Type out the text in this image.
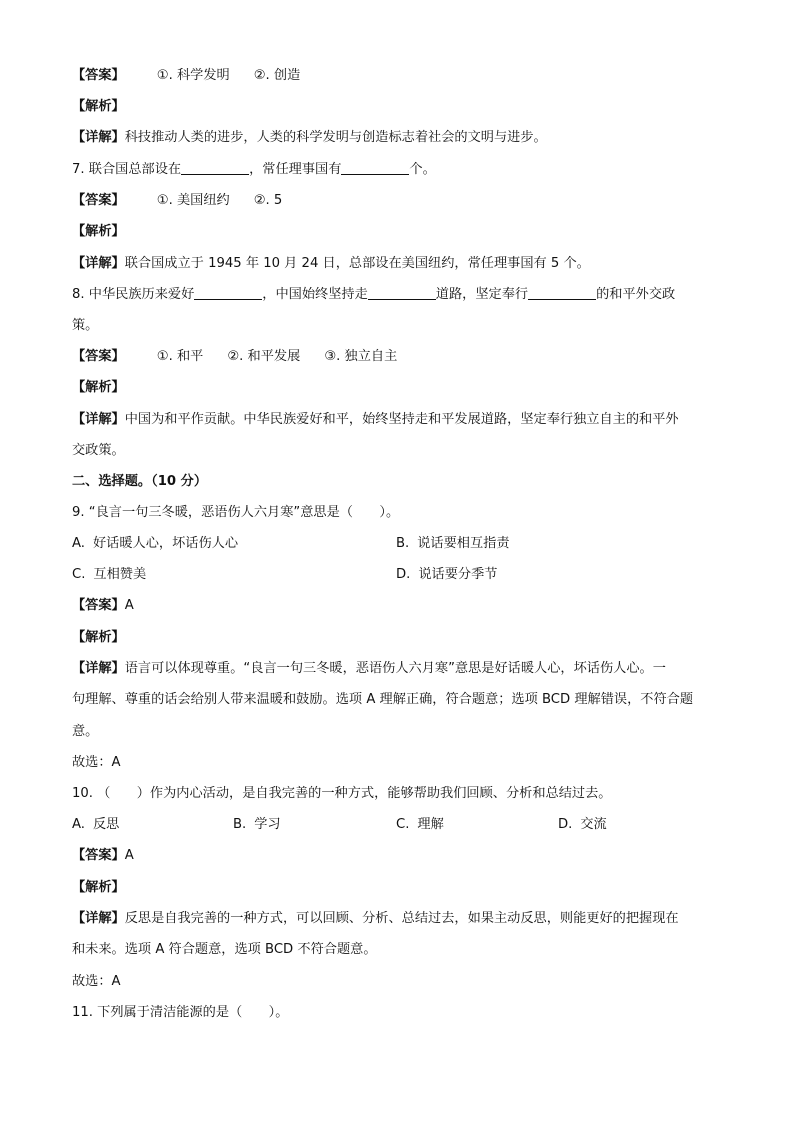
【答案】 ①. 科学发明 ②. 创造
【解析】
【详解】科技推动人类的进步，人类的科学发明与创造标志着社会的文明与进步。
7. 联合国总部设在	，常任理事国有	个。
【答案】 ①. 美国纽约 ②. 5
【解析】
【详解】联合国成立于 1945 年 10 月 24 日，总部设在美国纽约，常任理事国有 5 个。
8. 中华民族历来爱好	，中国始终坚持走	道路，坚定奉行	的和平外交政
策。
【答案】 ①. 和平 ②. 和平发展 ③. 独立自主
【解析】
【详解】中国为和平作贡献。中华民族爱好和平，始终坚持走和平发展道路，坚定奉行独立自主的和平外
交政策。
二、选择题。（10 分）
9. “良言一句三冬暖，恶语伤人六月寒”意思是（　　）。
A. 好话暖人心，坏话伤人心	B. 说话要相互指责
C. 互相赞美	D. 说话要分季节
【答案】A
【解析】
【详解】语言可以体现尊重。“良言一句三冬暖，恶语伤人六月寒”意思是好话暖人心，坏话伤人心。一
句理解、尊重的话会给别人带来温暖和鼓励。选项 A 理解正确，符合题意；选项 BCD 理解错误，不符合题
意。
故选：A
10. （　　）作为内心活动，是自我完善的一种方式，能够帮助我们回顾、分析和总结过去。
A. 反思	B. 学习	C. 理解	D. 交流
【答案】A
【解析】
【详解】反思是自我完善的一种方式，可以回顾、分析、总结过去，如果主动反思，则能更好的把握现在
和未来。选项 A 符合题意，选项 BCD 不符合题意。
故选：A
11. 下列属于清洁能源的是（　　）。
